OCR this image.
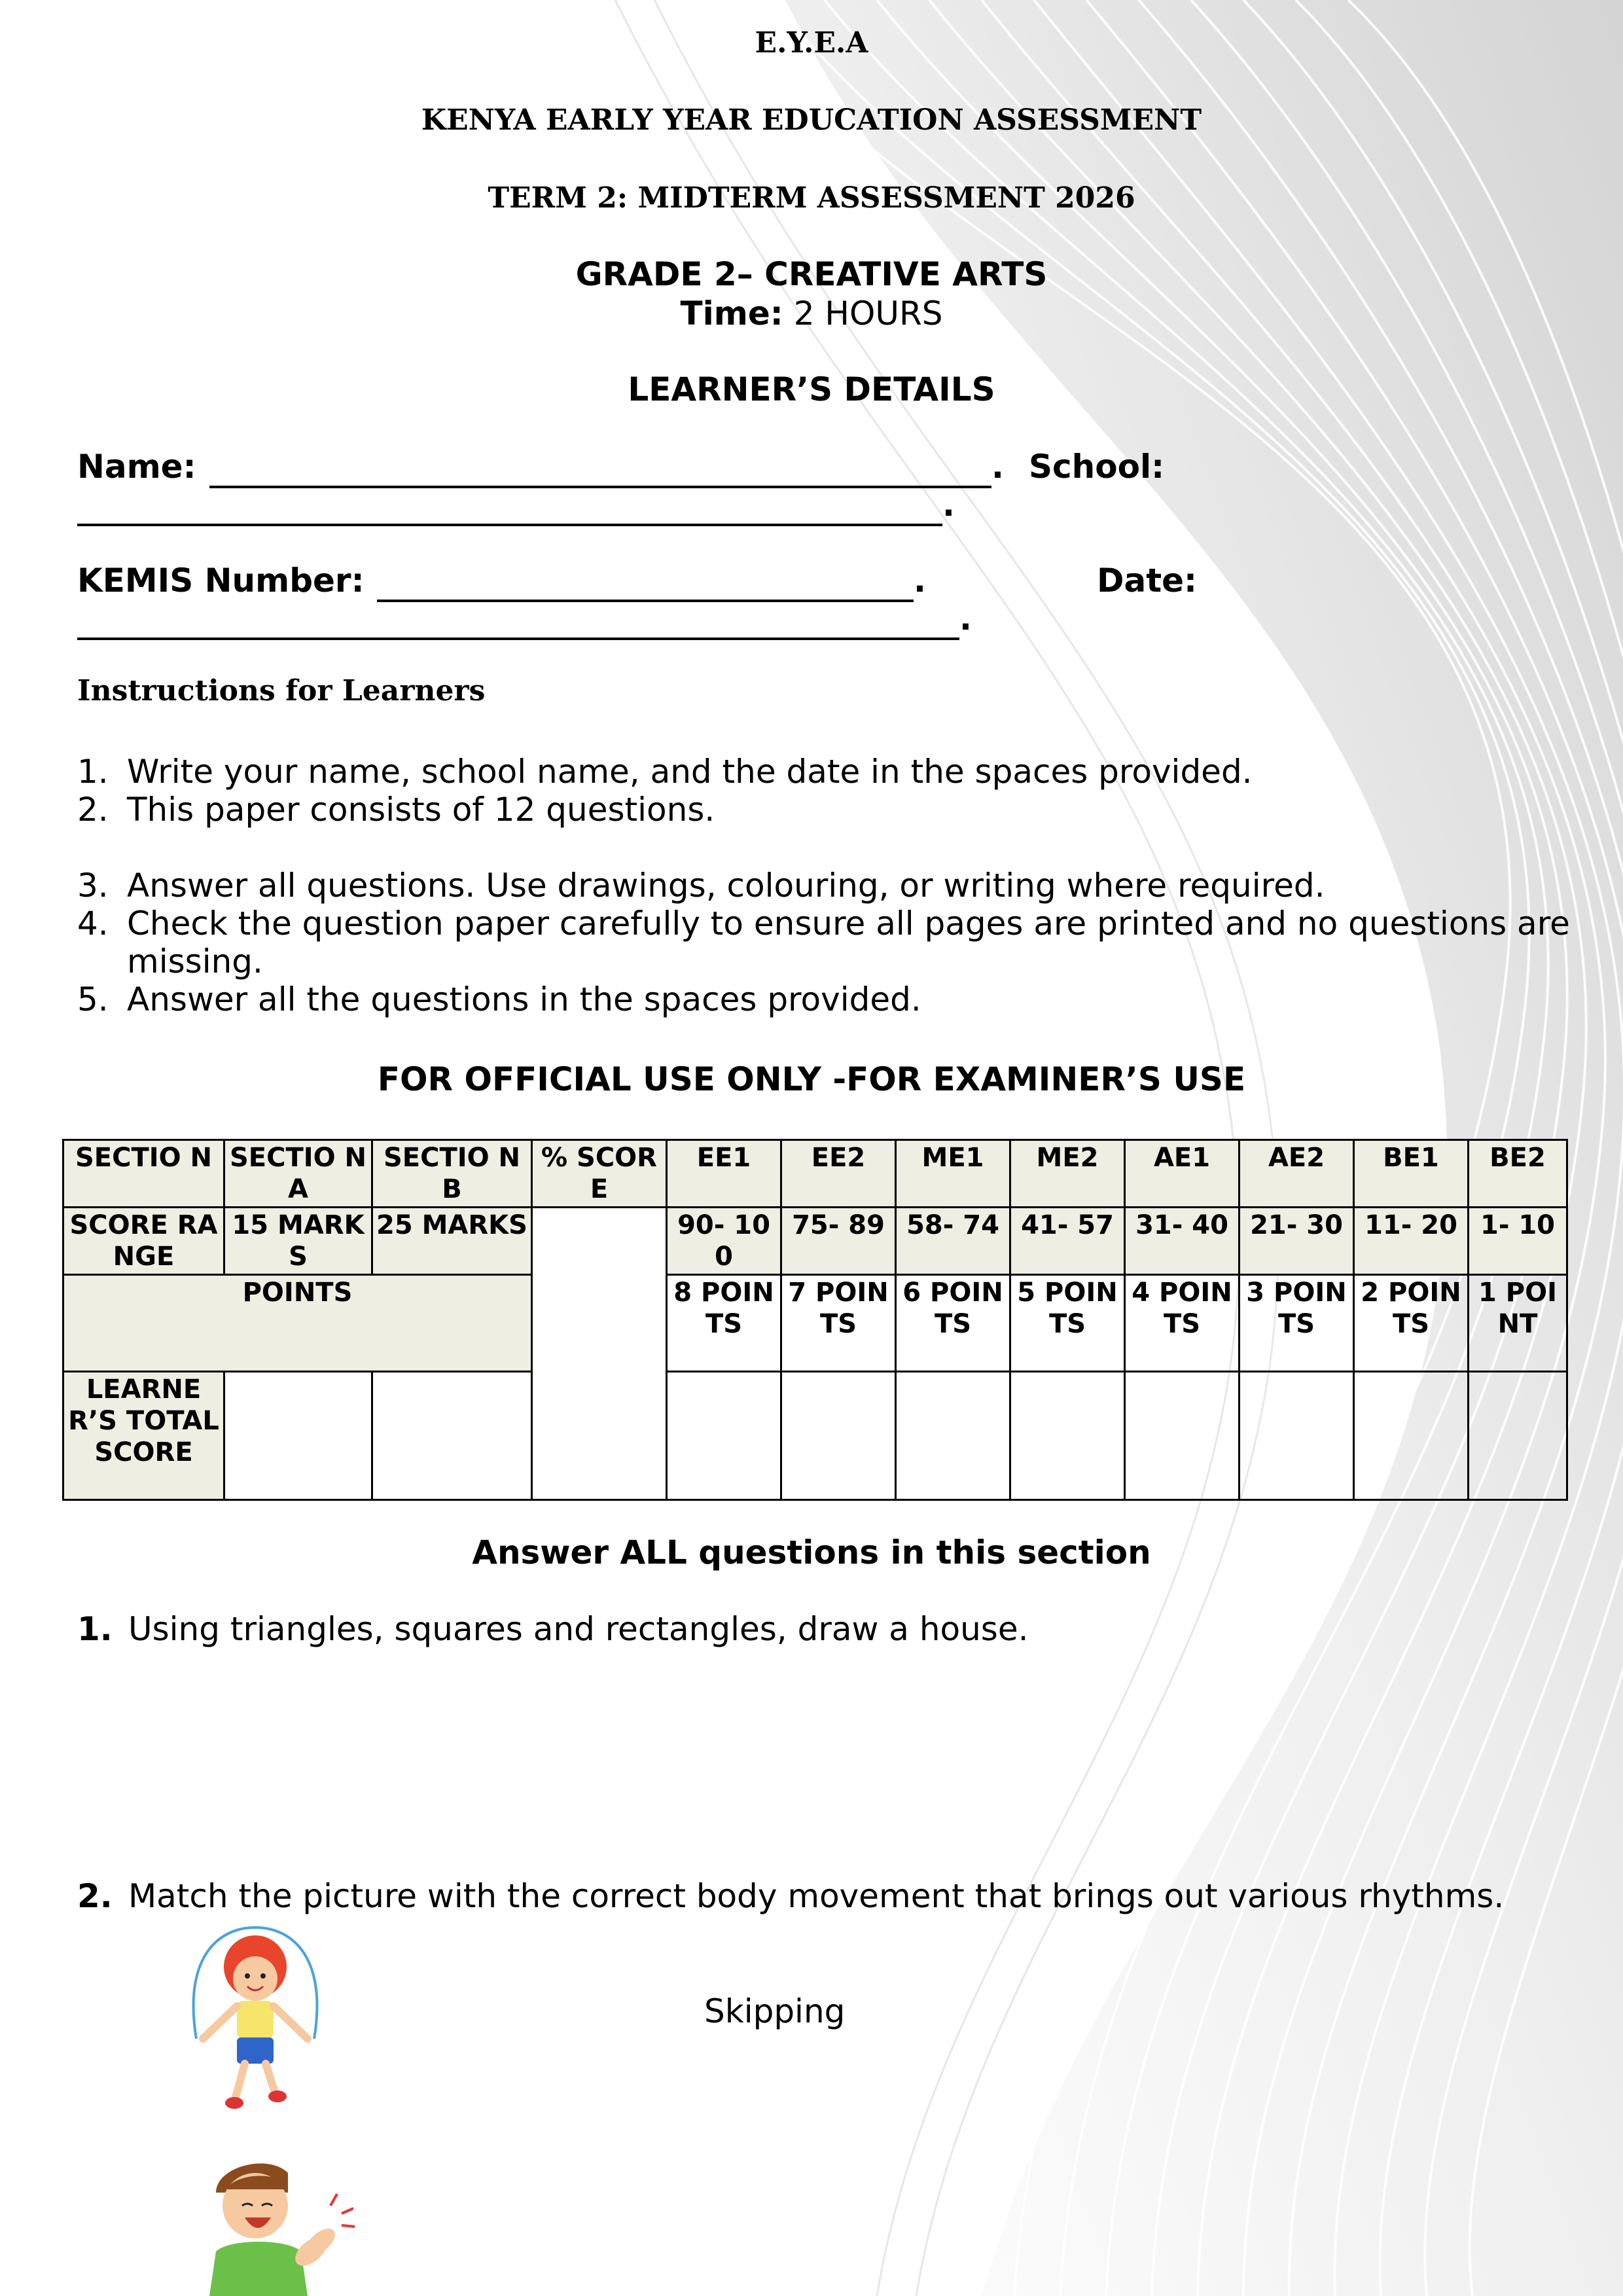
E.Y.E.A
KENYA EARLY YEAR EDUCATION ASSESSMENT
TERM 2: MIDTERM ASSESSMENT 2026
GRADE 2– CREATIVE ARTS
Time: 2 HOURS
LEARNER’S DETAILS
Name:	. School:
.
KEMIS Number:	.	Date:
.
Instructions for Learners
1. Write your name, school name, and the date in the spaces provided.
2. This paper consists of 12 questions.
3. Answer all questions. Use drawings, colouring, or writing where required.
4. Check the question paper carefully to ensure all pages are printed and no questions are
missing.
5. Answer all the questions in the spaces provided.
FOR OFFICIAL USE ONLY -FOR EXAMINER’S USE
SECTIO N	SECTIO N A	SECTIO N B	% SCORE	EE1	EE2	ME1	ME2	AE1	AE2	BE1	BE2
SCORE RANGE	15 MARKS	25 MARKS		90- 100	75- 89	58- 74	41- 57	31- 40	21- 30	11- 20	1- 10
POINTS				8 POIN TS	7 POIN TS	6 POIN TS	5 POIN TS	4 POIN TS	3 POIN TS	2 POIN TS	1 POI NT
LEARNE R’S TOTAL SCORE											
Answer ALL questions in this section
1. Using triangles, squares and rectangles, draw a house.
2. Match the picture with the correct body movement that brings out various rhythms.
Skipping
